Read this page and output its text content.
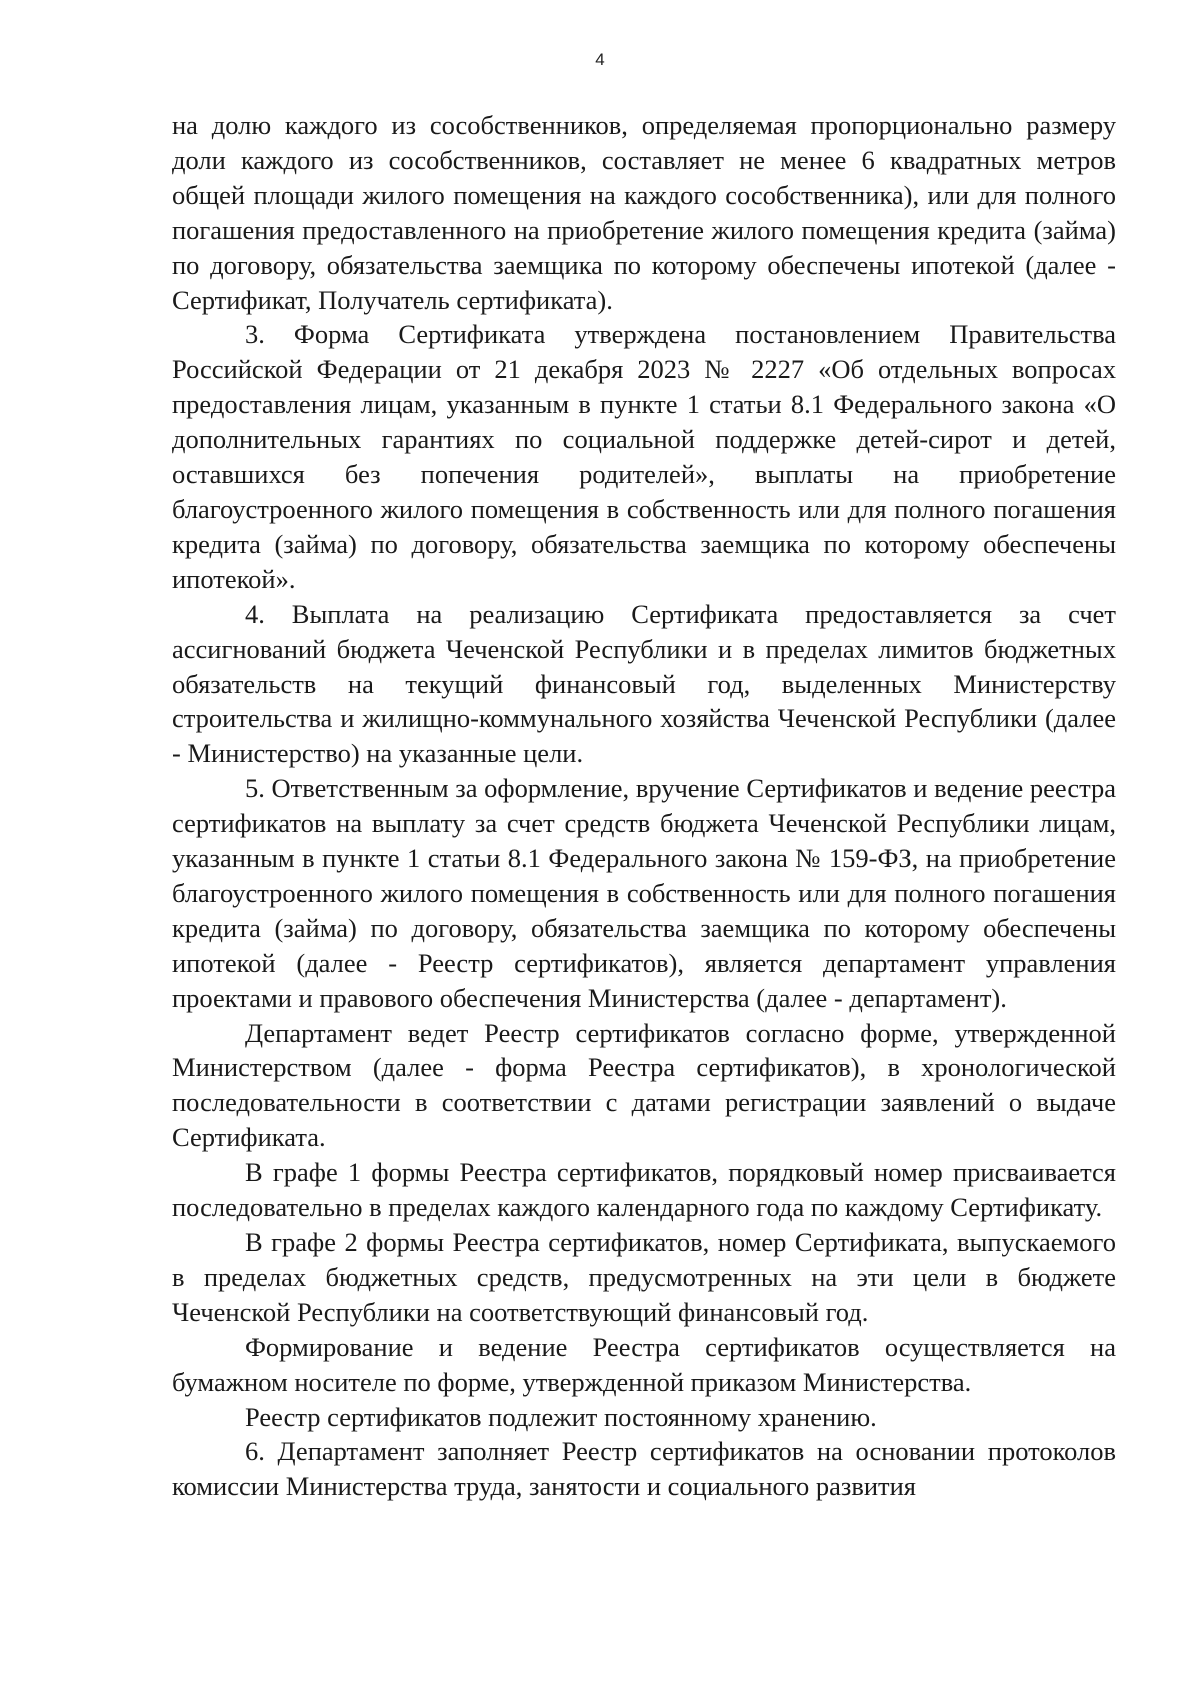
4

на долю каждого из сособственников, определяемая пропорционально размеру доли каждого из сособственников, составляет не менее 6 квадратных метров общей площади жилого помещения на каждого сособственника), или для полного погашения предоставленного на приобретение жилого помещения кредита (займа) по договору, обязательства заемщика по которому обеспечены ипотекой (далее - Сертификат, Получатель сертификата).

3. Форма Сертификата утверждена постановлением Правительства Российской Федерации от 21 декабря 2023 № 2227 «Об отдельных вопросах предоставления лицам, указанным в пункте 1 статьи 8.1 Федерального закона «О дополнительных гарантиях по социальной поддержке детей-сирот и детей, оставшихся без попечения родителей», выплаты на приобретение благоустроенного жилого помещения в собственность или для полного погашения кредита (займа) по договору, обязательства заемщика по которому обеспечены ипотекой».

4. Выплата на реализацию Сертификата предоставляется за счет ассигнований бюджета Чеченской Республики и в пределах лимитов бюджетных обязательств на текущий финансовый год, выделенных Министерству строительства и жилищно-коммунального хозяйства Чеченской Республики (далее - Министерство) на указанные цели.

5. Ответственным за оформление, вручение Сертификатов и ведение реестра сертификатов на выплату за счет средств бюджета Чеченской Республики лицам, указанным в пункте 1 статьи 8.1 Федерального закона № 159-ФЗ, на приобретение благоустроенного жилого помещения в собственность или для полного погашения кредита (займа) по договору, обязательства заемщика по которому обеспечены ипотекой (далее - Реестр сертификатов), является департамент управления проектами и правового обеспечения Министерства (далее - департамент).

Департамент ведет Реестр сертификатов согласно форме, утвержденной Министерством (далее - форма Реестра сертификатов), в хронологической последовательности в соответствии с датами регистрации заявлений о выдаче Сертификата.

В графе 1 формы Реестра сертификатов, порядковый номер присваивается последовательно в пределах каждого календарного года по каждому Сертификату.

В графе 2 формы Реестра сертификатов, номер Сертификата, выпускаемого в пределах бюджетных средств, предусмотренных на эти цели в бюджете Чеченской Республики на соответствующий финансовый год.

Формирование и ведение Реестра сертификатов осуществляется на бумажном носителе по форме, утвержденной приказом Министерства.

Реестр сертификатов подлежит постоянному хранению.

6. Департамент заполняет Реестр сертификатов на основании протоколов комиссии Министерства труда, занятости и социального развития
